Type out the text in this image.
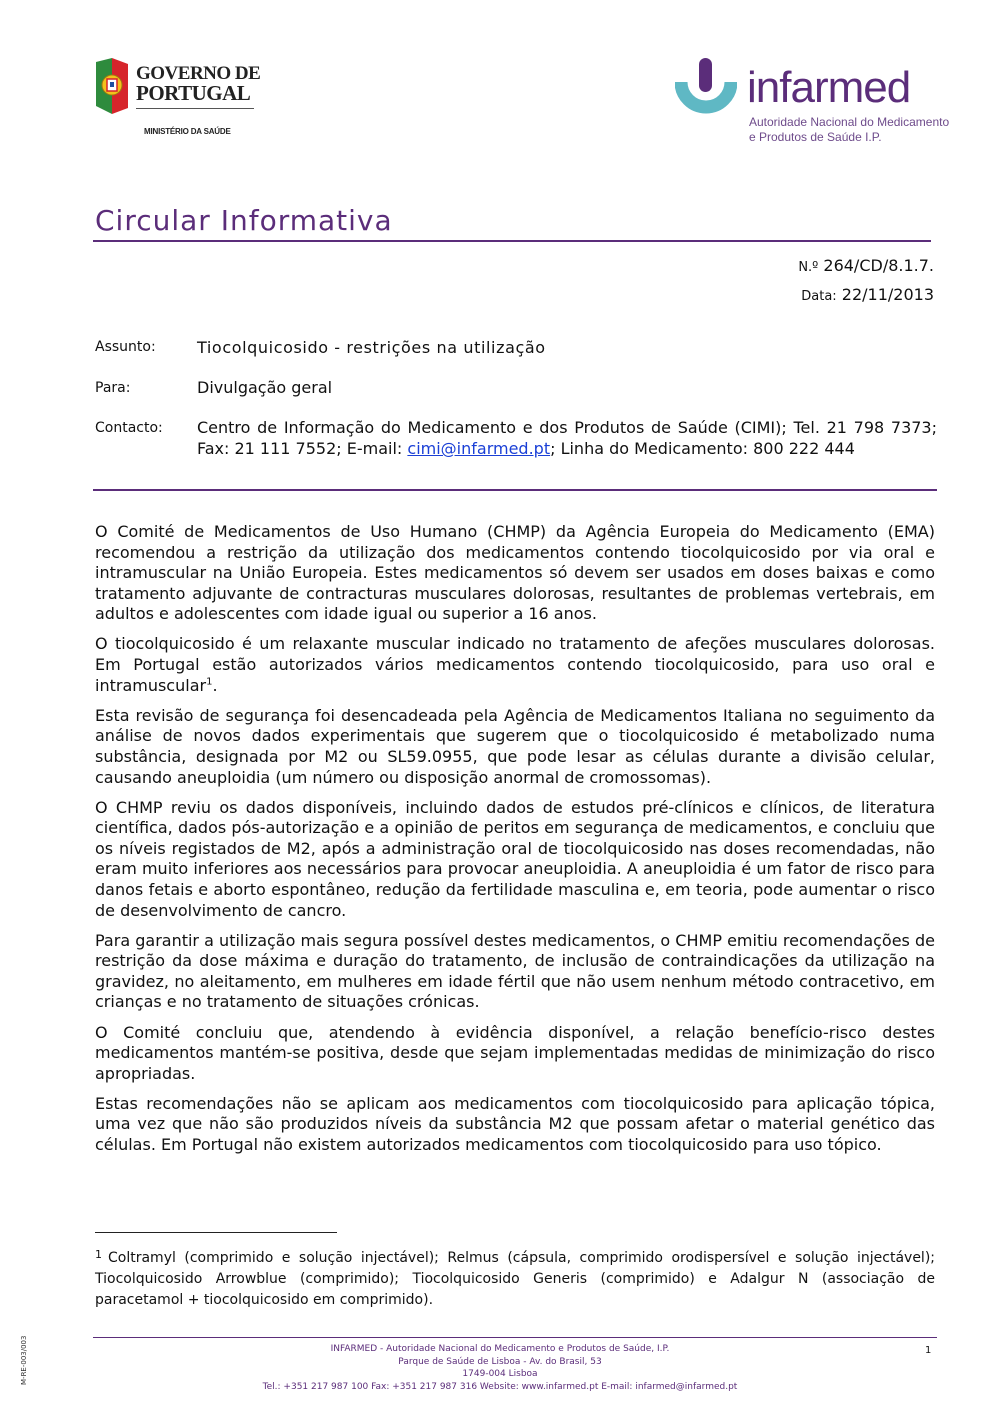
GOVERNO DE
PORTUGAL
MINISTÉRIO DA SAÚDE
infarmed
Autoridade Nacional do Medicamento
e Produtos de Saúde I.P.
Circular Informativa
N.º 264/CD/8.1.7.
Data: 22/11/2013
Assunto:	Tiocolquicosido - restrições na utilização
Para:	Divulgação geral
Contacto: Centro de Informação do Medicamento e dos Produtos de Saúde (CIMI); Tel. 21 798 7373; Fax: 21 111 7552; E-mail: cimi@infarmed.pt; Linha do Medicamento: 800 222 444

O Comité de Medicamentos de Uso Humano (CHMP) da Agência Europeia do Medicamento (EMA) recomendou a restrição da utilização dos medicamentos contendo tiocolquicosido por via oral e intramuscular na União Europeia. Estes medicamentos só devem ser usados em doses baixas e como tratamento adjuvante de contracturas musculares dolorosas, resultantes de problemas vertebrais, em adultos e adolescentes com idade igual ou superior a 16 anos.

O tiocolquicosido é um relaxante muscular indicado no tratamento de afeções musculares dolorosas. Em Portugal estão autorizados vários medicamentos contendo tiocolquicosido, para uso oral e intramuscular$^1$.

Esta revisão de segurança foi desencadeada pela Agência de Medicamentos Italiana no seguimento da análise de novos dados experimentais que sugerem que o tiocolquicosido é metabolizado numa substância, designada por M2 ou SL59.0955, que pode lesar as células durante a divisão celular, causando aneuploidia (um número ou disposição anormal de cromossomas).

O CHMP reviu os dados disponíveis, incluindo dados de estudos pré-clínicos e clínicos, de literatura científica, dados pós-autorização e a opinião de peritos em segurança de medicamentos, e concluiu que os níveis registados de M2, após a administração oral de tiocolquicosido nas doses recomendadas, não eram muito inferiores aos necessários para provocar aneuploidia. A aneuploidia é um fator de risco para danos fetais e aborto espontâneo, redução da fertilidade masculina e, em teoria, pode aumentar o risco de desenvolvimento de cancro.

Para garantir a utilização mais segura possível destes medicamentos, o CHMP emitiu recomendações de restrição da dose máxima e duração do tratamento, de inclusão de contraindicações da utilização na gravidez, no aleitamento, em mulheres em idade fértil que não usem nenhum método contracetivo, em crianças e no tratamento de situações crónicas.

O Comité concluiu que, atendendo à evidência disponível, a relação benefício-risco destes medicamentos mantém-se positiva, desde que sejam implementadas medidas de minimização do risco apropriadas.

Estas recomendações não se aplicam aos medicamentos com tiocolquicosido para aplicação tópica, uma vez que não são produzidos níveis da substância M2 que possam afetar o material genético das células. Em Portugal não existem autorizados medicamentos com tiocolquicosido para uso tópico.

$^1$ Coltramyl (comprimido e solução injectável); Relmus (cápsula, comprimido orodispersível e solução injectável); Tiocolquicosido Arrowblue (comprimido); Tiocolquicosido Generis (comprimido) e Adalgur N (associação de paracetamol + tiocolquicosido em comprimido).
INFARMED - Autoridade Nacional do Medicamento e Produtos de Saúde, I.P.
Parque de Saúde de Lisboa - Av. do Brasil, 53
1749-004 Lisboa
Tel.: +351 217 987 100 Fax: +351 217 987 316 Website: www.infarmed.pt E-mail: infarmed@infarmed.pt
1
M-RE-003/003
